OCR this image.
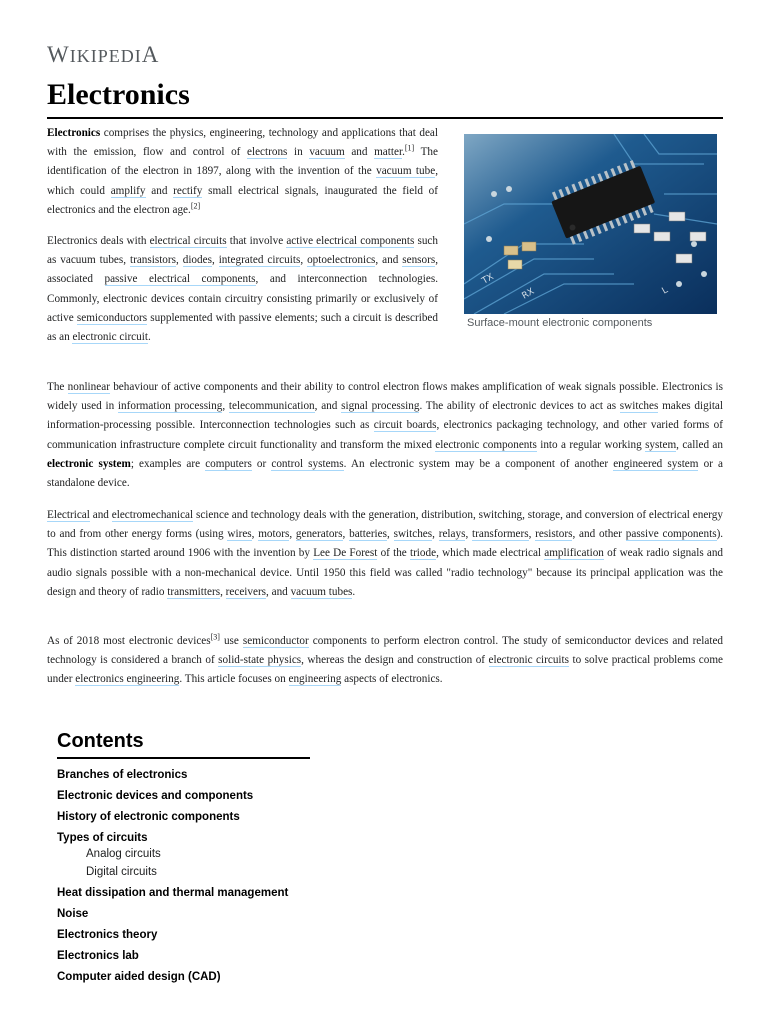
WIKIPEDIA
Electronics

Electronics comprises the physics, engineering, technology and applications that deal with the emission, flow and control of electrons in vacuum and matter.[1] The identification of the electron in 1897, along with the invention of the vacuum tube, which could amplify and rectify small electrical signals, inaugurated the field of electronics and the electron age.[2]

Electronics deals with electrical circuits that involve active electrical components such as vacuum tubes, transistors, diodes, integrated circuits, optoelectronics, and sensors, associated passive electrical components, and interconnection technologies. Commonly, electronic devices contain circuitry consisting primarily or exclusively of active semiconductors supplemented with passive elements; such a circuit is described as an electronic circuit.

TX
RX	L
Surface-mount electronic components

The nonlinear behaviour of active components and their ability to control electron flows makes amplification of weak signals possible. Electronics is widely used in information processing, telecommunication, and signal processing. The ability of electronic devices to act as switches makes digital information-processing possible. Interconnection technologies such as circuit boards, electronics packaging technology, and other varied forms of communication infrastructure complete circuit functionality and transform the mixed electronic components into a regular working system, called an electronic system; examples are computers or control systems. An electronic system may be a component of another engineered system or a standalone device.

Electrical and electromechanical science and technology deals with the generation, distribution, switching, storage, and conversion of electrical energy to and from other energy forms (using wires, motors, generators, batteries, switches, relays, transformers, resistors, and other passive components). This distinction started around 1906 with the invention by Lee De Forest of the triode, which made electrical amplification of weak radio signals and audio signals possible with a non-mechanical device. Until 1950 this field was called "radio technology" because its principal application was the design and theory of radio transmitters, receivers, and vacuum tubes.

As of 2018 most electronic devices[3] use semiconductor components to perform electron control. The study of semiconductor devices and related technology is considered a branch of solid-state physics, whereas the design and construction of electronic circuits to solve practical problems come under electronics engineering. This article focuses on engineering aspects of electronics.

Contents
Branches of electronics
Electronic devices and components
History of electronic components
Types of circuits
Analog circuits
Digital circuits
Heat dissipation and thermal management
Noise
Electronics theory
Electronics lab
Computer aided design (CAD)
